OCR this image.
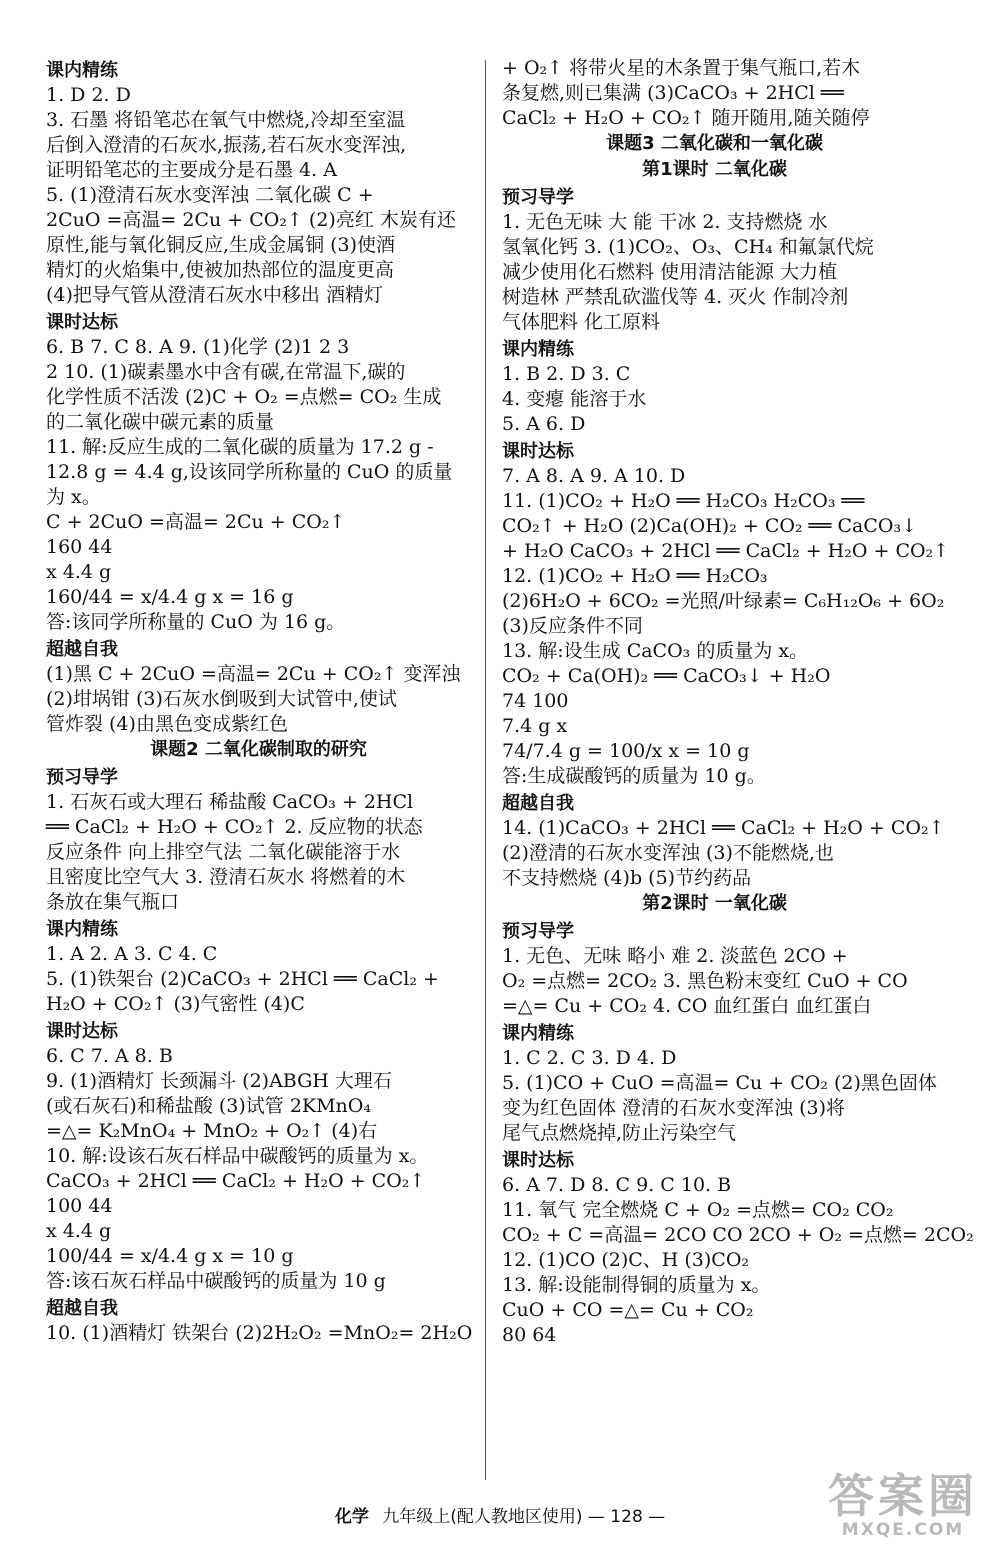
课内精练
1. D 2. D
3. 石墨 将铅笔芯在氧气中燃烧,冷却至室温
后倒入澄清的石灰水,振荡,若石灰水变浑浊,
证明铅笔芯的主要成分是石墨 4. A
5. (1)澄清石灰水变浑浊 二氧化碳 C +
2CuO =高温= 2Cu + CO₂↑ (2)亮红 木炭有还
原性,能与氧化铜反应,生成金属铜 (3)使酒
精灯的火焰集中,使被加热部位的温度更高
(4)把导气管从澄清石灰水中移出 酒精灯
课时达标
6. B 7. C 8. A 9. (1)化学 (2)1 2 3
2 10. (1)碳素墨水中含有碳,在常温下,碳的
化学性质不活泼 (2)C + O₂ =点燃= CO₂ 生成
的二氧化碳中碳元素的质量
11. 解:反应生成的二氧化碳的质量为 17.2 g -
12.8 g = 4.4 g,设该同学所称量的 CuO 的质量
为 x。
C + 2CuO =高温= 2Cu + CO₂↑
160 44
x 4.4 g
160/44 = x/4.4 g x = 16 g
答:该同学所称量的 CuO 为 16 g。
超越自我
(1)黑 C + 2CuO =高温= 2Cu + CO₂↑ 变浑浊
(2)坩埚钳 (3)石灰水倒吸到大试管中,使试
管炸裂 (4)由黑色变成紫红色
课题2 二氧化碳制取的研究
预习导学
1. 石灰石或大理石 稀盐酸 CaCO₃ + 2HCl
══ CaCl₂ + H₂O + CO₂↑ 2. 反应物的状态
反应条件 向上排空气法 二氧化碳能溶于水
且密度比空气大 3. 澄清石灰水 将燃着的木
条放在集气瓶口
课内精练
1. A 2. A 3. C 4. C
5. (1)铁架台 (2)CaCO₃ + 2HCl ══ CaCl₂ +
H₂O + CO₂↑ (3)气密性 (4)C
课时达标
6. C 7. A 8. B
9. (1)酒精灯 长颈漏斗 (2)ABGH 大理石
(或石灰石)和稀盐酸 (3)试管 2KMnO₄
=△= K₂MnO₄ + MnO₂ + O₂↑ (4)右
10. 解:设该石灰石样品中碳酸钙的质量为 x。
CaCO₃ + 2HCl ══ CaCl₂ + H₂O + CO₂↑
100 44
x 4.4 g
100/44 = x/4.4 g x = 10 g
答:该石灰石样品中碳酸钙的质量为 10 g
超越自我
10. (1)酒精灯 铁架台 (2)2H₂O₂ =MnO₂= 2H₂O
+ O₂↑ 将带火星的木条置于集气瓶口,若木
条复燃,则已集满 (3)CaCO₃ + 2HCl ══
CaCl₂ + H₂O + CO₂↑ 随开随用,随关随停
课题3 二氧化碳和一氧化碳
第1课时 二氧化碳
预习导学
1. 无色无味 大 能 干冰 2. 支持燃烧 水
氢氧化钙 3. (1)CO₂、O₃、CH₄ 和氟氯代烷
减少使用化石燃料 使用清洁能源 大力植
树造林 严禁乱砍滥伐等 4. 灭火 作制冷剂
气体肥料 化工原料
课内精练
1. B 2. D 3. C
4. 变瘪 能溶于水
5. A 6. D
课时达标
7. A 8. A 9. A 10. D
11. (1)CO₂ + H₂O ══ H₂CO₃ H₂CO₃ ══
CO₂↑ + H₂O (2)Ca(OH)₂ + CO₂ ══ CaCO₃↓
+ H₂O CaCO₃ + 2HCl ══ CaCl₂ + H₂O + CO₂↑
12. (1)CO₂ + H₂O ══ H₂CO₃
(2)6H₂O + 6CO₂ =光照/叶绿素= C₆H₁₂O₆ + 6O₂
(3)反应条件不同
13. 解:设生成 CaCO₃ 的质量为 x。
CO₂ + Ca(OH)₂ ══ CaCO₃↓ + H₂O
74 100
7.4 g x
74/7.4 g = 100/x x = 10 g
答:生成碳酸钙的质量为 10 g。
超越自我
14. (1)CaCO₃ + 2HCl ══ CaCl₂ + H₂O + CO₂↑
(2)澄清的石灰水变浑浊 (3)不能燃烧,也
不支持燃烧 (4)b (5)节约药品
第2课时 一氧化碳
预习导学
1. 无色、无味 略小 难 2. 淡蓝色 2CO +
O₂ =点燃= 2CO₂ 3. 黑色粉末变红 CuO + CO
=△= Cu + CO₂ 4. CO 血红蛋白 血红蛋白
课内精练
1. C 2. C 3. D 4. D
5. (1)CO + CuO =高温= Cu + CO₂ (2)黑色固体
变为红色固体 澄清的石灰水变浑浊 (3)将
尾气点燃烧掉,防止污染空气
课时达标
6. A 7. D 8. C 9. C 10. B
11. 氧气 完全燃烧 C + O₂ =点燃= CO₂ CO₂
CO₂ + C =高温= 2CO CO 2CO + O₂ =点燃= 2CO₂
12. (1)CO (2)C、H (3)CO₂
13. 解:设能制得铜的质量为 x。
CuO + CO =△= Cu + CO₂
80 64
化学 九年级上(配人教地区使用) — 128 —	答案圈
MXQE.COM
